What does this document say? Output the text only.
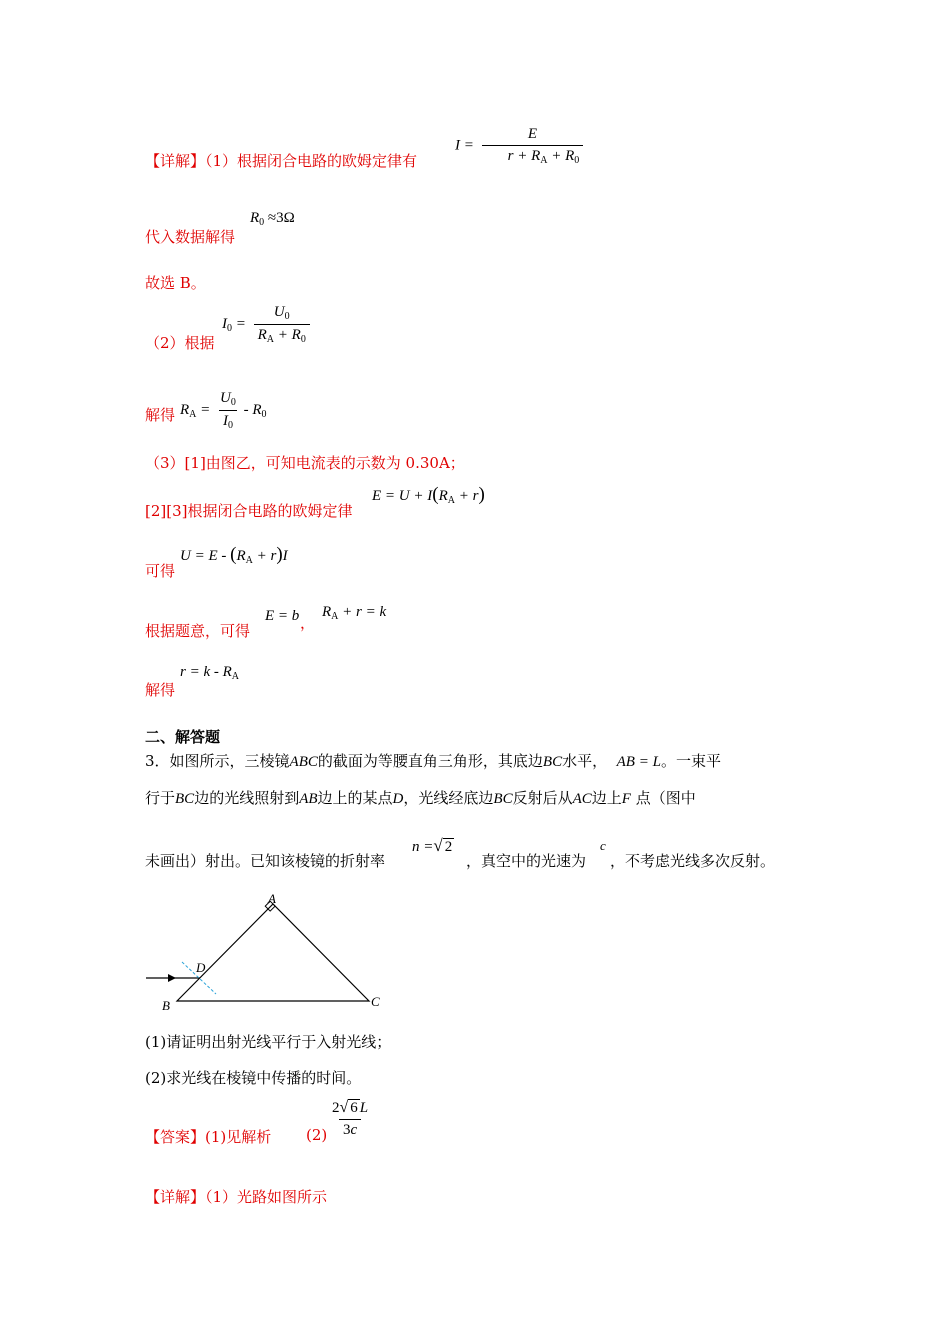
【详解】（1）根据闭合电路的欧姆定律有
$I = \frac{E}{r + R_A + R_0}$
代入数据解得
$R_0 \approx 3\Omega$
故选 B。
（2）根据
$I_0 = \frac{U_0}{R_A + R_0}$
解得 $R_A = \frac{U_0}{I_0} - R_0$
（3）[1]由图乙，可知电流表的示数为 0.30A；
[2][3]根据闭合电路的欧姆定律
$E = U + I(R_A + r)$
可得
$U = E - (R_A + r)I$
根据题意，可得
E = b ，
$R_A + r = k$
解得
$r = k - R_A$
二、解答题
3．如图所示，三棱镜ABC的截面为等腰直角三角形，其底边BC水平， AB = L。一束平
行于BC边的光线照射到AB边上的某点D，光线经底边BC反射后从AC边上F 点（图中
未画出）射出。已知该棱镜的折射率
n =√ 2
，真空中的光速为
c
，不考虑光线多次反射。
A
B	C
D
(1)请证明出射光线平行于入射光线；
(2)求光线在棱镜中传播的时间。
【答案】(1)见解析 $(2) \frac{2√ 6 L}{3c}$
【详解】（1）光路如图所示
